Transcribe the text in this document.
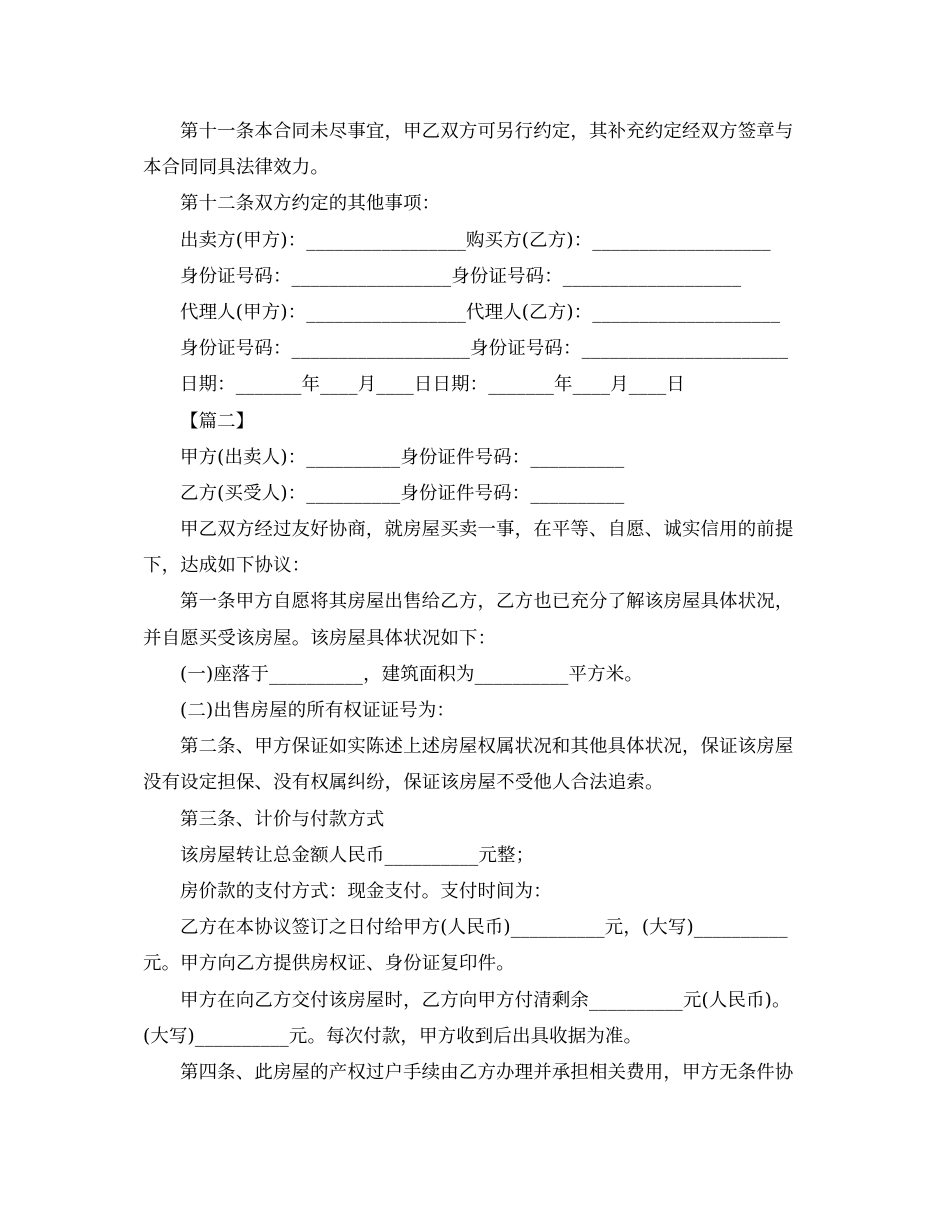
第十一条本合同未尽事宜，甲乙双方可另行约定，其补充约定经双方签章与
本合同同具法律效力。
第十二条双方约定的其他事项：
出卖方(甲方)：_________________购买方(乙方)：___________________
身份证号码：_________________身份证号码：___________________
代理人(甲方)：_________________代理人(乙方)：____________________
身份证号码：___________________身份证号码：______________________
日期：_______年____月____日日期：_______年____月____日
【篇二】
甲方(出卖人)：__________身份证件号码：__________
乙方(买受人)：__________身份证件号码：__________
甲乙双方经过友好协商，就房屋买卖一事，在平等、自愿、诚实信用的前提
下，达成如下协议：
第一条甲方自愿将其房屋出售给乙方，乙方也已充分了解该房屋具体状况，
并自愿买受该房屋。该房屋具体状况如下：
(一)座落于__________，建筑面积为__________平方米。
(二)出售房屋的所有权证证号为：
第二条、甲方保证如实陈述上述房屋权属状况和其他具体状况，保证该房屋
没有设定担保、没有权属纠纷，保证该房屋不受他人合法追索。
第三条、计价与付款方式
该房屋转让总金额人民币__________元整；
房价款的支付方式：现金支付。支付时间为：
乙方在本协议签订之日付给甲方(人民币)__________元，(大写)__________
元。甲方向乙方提供房权证、身份证复印件。
甲方在向乙方交付该房屋时，乙方向甲方付清剩余__________元(人民币)。
(大写)__________元。每次付款，甲方收到后出具收据为准。
第四条、此房屋的产权过户手续由乙方办理并承担相关费用，甲方无条件协
